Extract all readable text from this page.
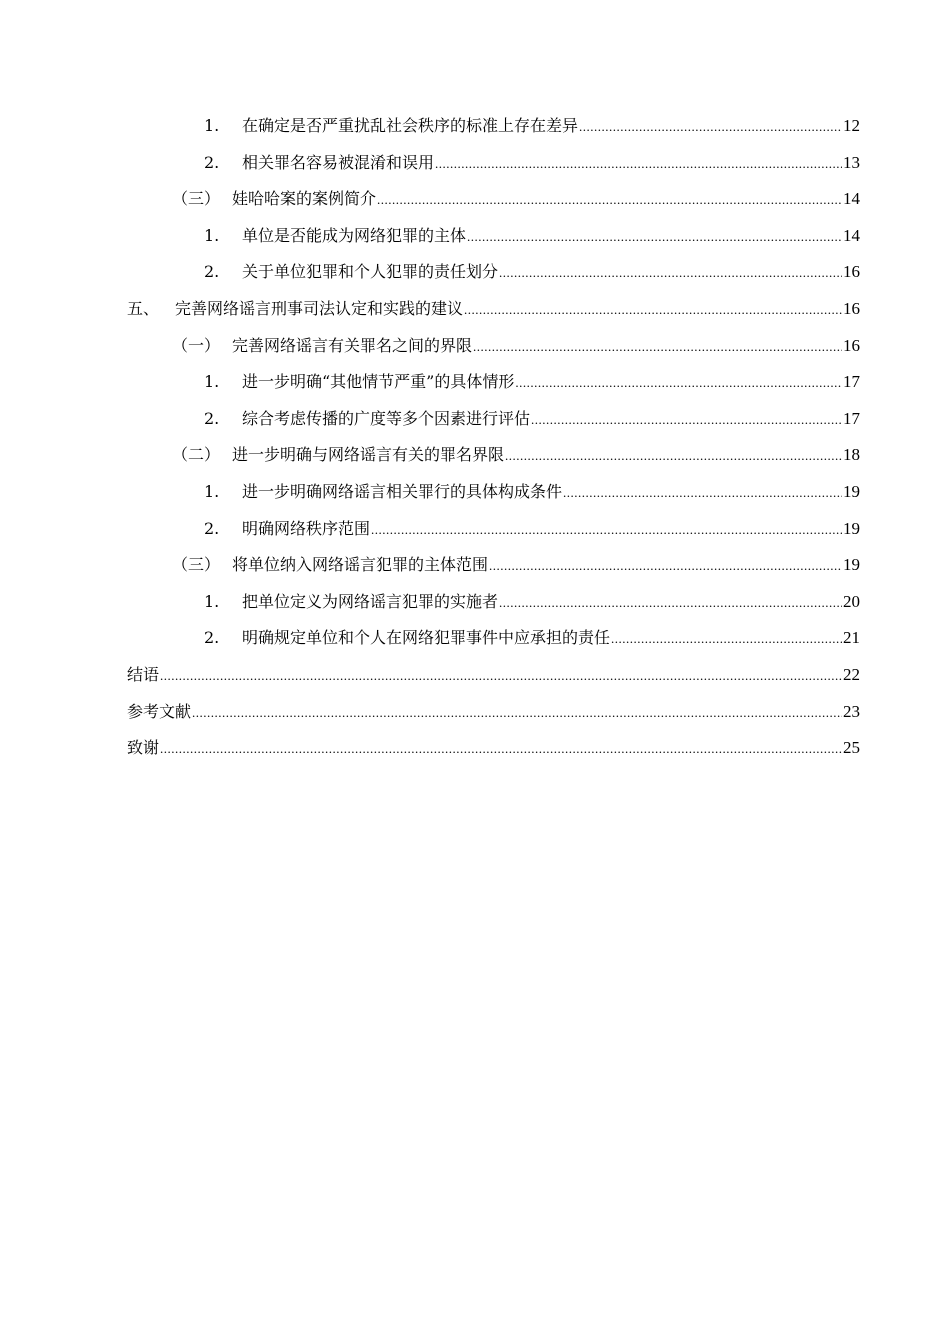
1.	在确定是否严重扰乱社会秩序的标准上存在差异 .....	12
2.	相关罪名容易被混淆和误用 .....	13
（三） 娃哈哈案的案例简介 .....	14
1.	单位是否能成为网络犯罪的主体 .....	14
2.	关于单位犯罪和个人犯罪的责任划分 .....	16
五、 完善网络谣言刑事司法认定和实践的建议 .....	16
（一） 完善网络谣言有关罪名之间的界限 .....	16
1.	进一步明确“其他情节严重”的具体情形 .....	17
2.	综合考虑传播的广度等多个因素进行评估 .....	17
（二） 进一步明确与网络谣言有关的罪名界限 .....	18
1.	进一步明确网络谣言相关罪行的具体构成条件 .....	19
2.	明确网络秩序范围 .....	19
（三） 将单位纳入网络谣言犯罪的主体范围 .....	19
1.	把单位定义为网络谣言犯罪的实施者 .....	20
2.	明确规定单位和个人在网络犯罪事件中应承担的责任 .....	21
结语 .....	22
参考文献 .....	23
致谢 .....	25
